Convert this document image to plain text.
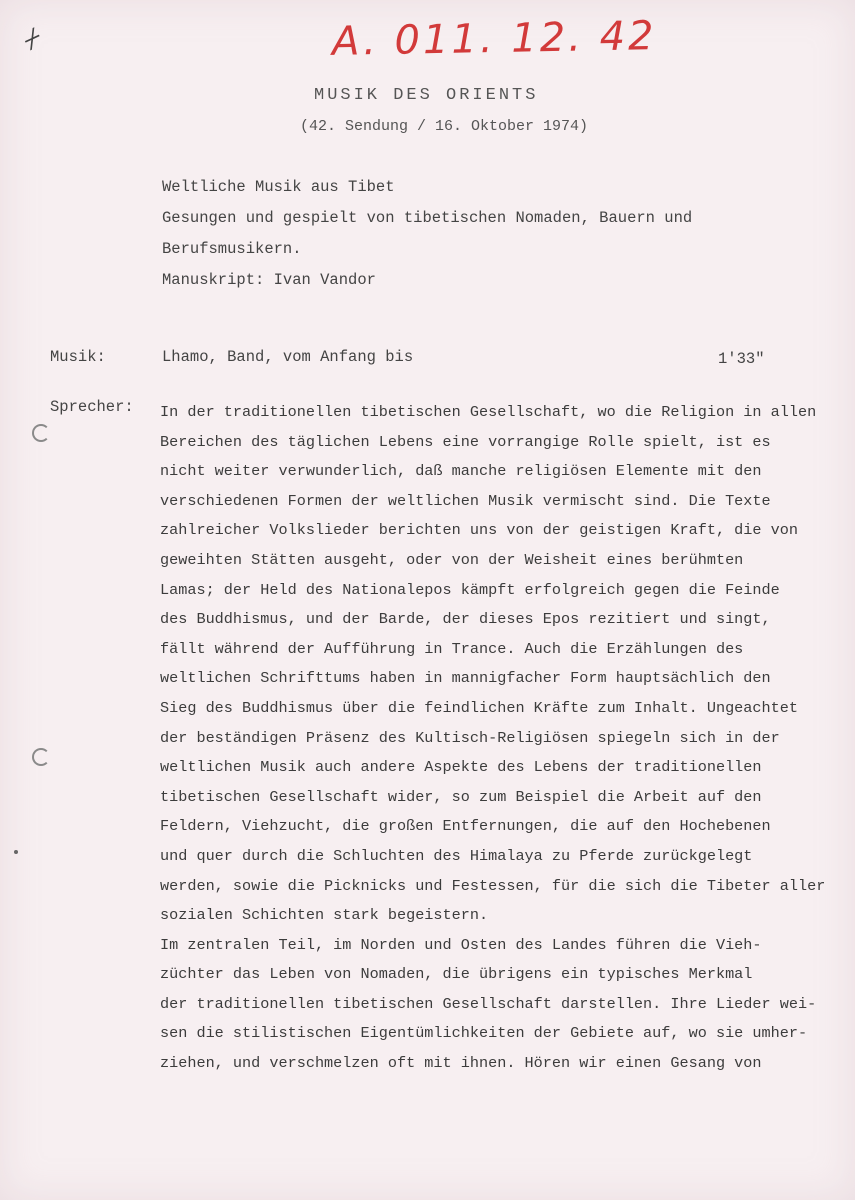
⌿	A. 011. 12. 42
MUSIK DES ORIENTS
(42. Sendung / 16. Oktober 1974)
Weltliche Musik aus Tibet
Gesungen und gespielt von tibetischen Nomaden, Bauern und
Berufsmusikern.
Manuskript: Ivan Vandor
Musik:	Lhamo, Band, vom Anfang bis	1'33"
Sprecher: In der traditionellen tibetischen Gesellschaft, wo die Religion in allen
Bereichen des täglichen Lebens eine vorrangige Rolle spielt, ist es
nicht weiter verwunderlich, daß manche religiösen Elemente mit den
verschiedenen Formen der weltlichen Musik vermischt sind. Die Texte
zahlreicher Volkslieder berichten uns von der geistigen Kraft, die von
geweihten Stätten ausgeht, oder von der Weisheit eines berühmten
Lamas; der Held des Nationalepos kämpft erfolgreich gegen die Feinde
des Buddhismus, und der Barde, der dieses Epos rezitiert und singt,
fällt während der Aufführung in Trance. Auch die Erzählungen des
weltlichen Schrifttums haben in mannigfacher Form hauptsächlich den
Sieg des Buddhismus über die feindlichen Kräfte zum Inhalt. Ungeachtet
der beständigen Präsenz des Kultisch-Religiösen spiegeln sich in der
weltlichen Musik auch andere Aspekte des Lebens der traditionellen
tibetischen Gesellschaft wider, so zum Beispiel die Arbeit auf den
Feldern, Viehzucht, die großen Entfernungen, die auf den Hochebenen
und quer durch die Schluchten des Himalaya zu Pferde zurückgelegt
werden, sowie die Picknicks und Festessen, für die sich die Tibeter aller
sozialen Schichten stark begeistern.
Im zentralen Teil, im Norden und Osten des Landes führen die Vieh-
züchter das Leben von Nomaden, die übrigens ein typisches Merkmal
der traditionellen tibetischen Gesellschaft darstellen. Ihre Lieder wei-
sen die stilistischen Eigentümlichkeiten der Gebiete auf, wo sie umher-
ziehen, und verschmelzen oft mit ihnen. Hören wir einen Gesang von
